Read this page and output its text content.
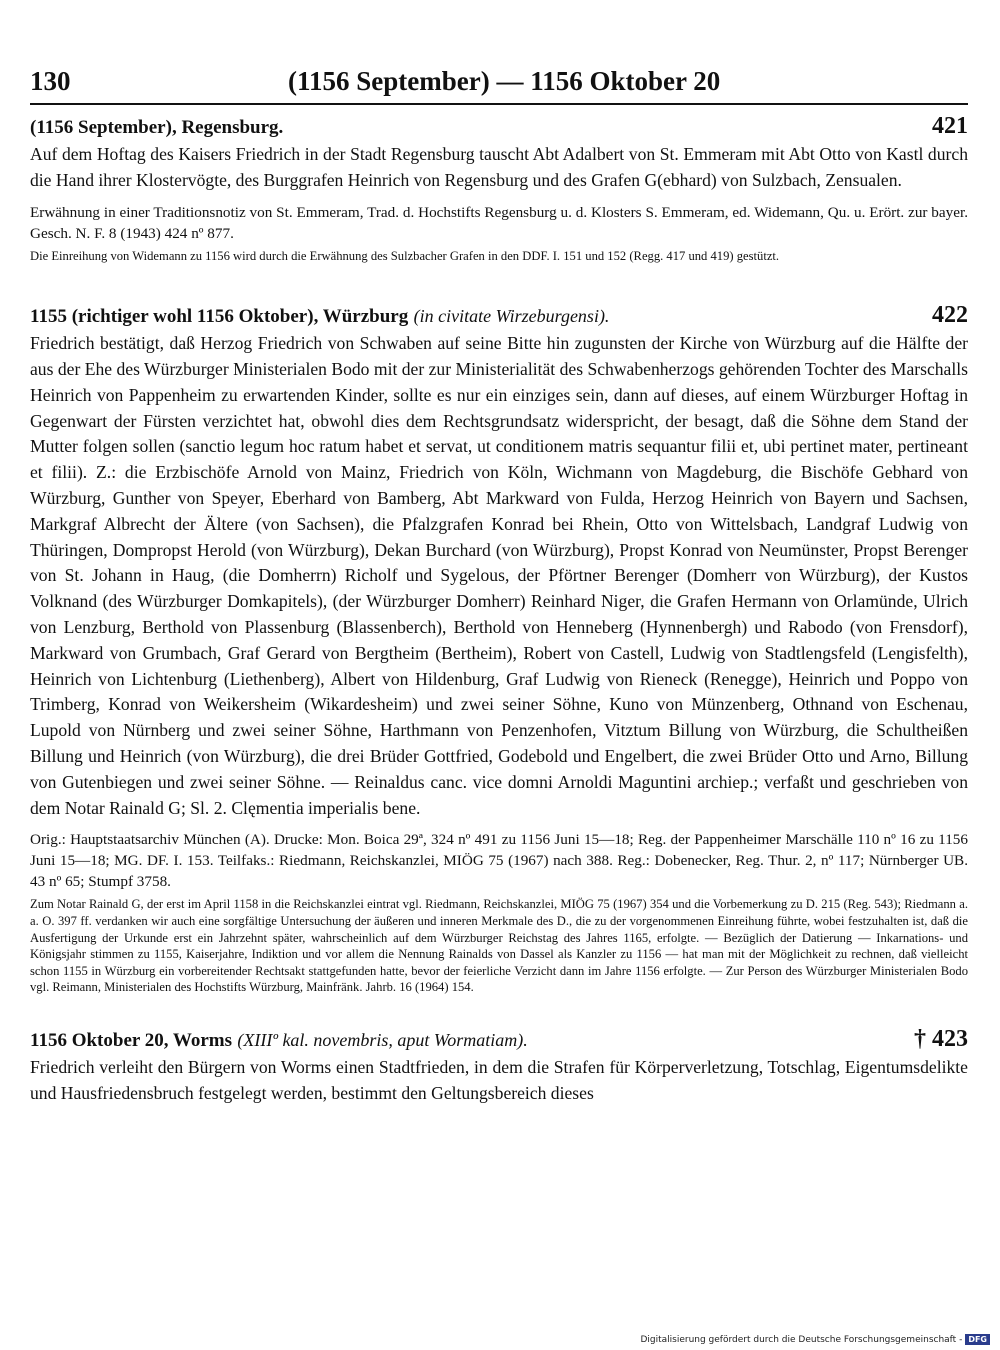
130	(1156 September) — 1156 Oktober 20
(1156 September), Regensburg.	421

Auf dem Hoftag des Kaisers Friedrich in der Stadt Regensburg tauscht Abt Adalbert von St. Emmeram mit Abt Otto von Kastl durch die Hand ihrer Klostervögte, des Burggrafen Heinrich von Regensburg und des Grafen G(ebhard) von Sulzbach, Zensualen.

Erwähnung in einer Traditionsnotiz von St. Emmeram, Trad. d. Hochstifts Regensburg u. d. Klosters S. Emmeram, ed. Widemann, Qu. u. Erört. zur bayer. Gesch. N. F. 8 (1943) 424 nº 877.

Die Einreihung von Widemann zu 1156 wird durch die Erwähnung des Sulzbacher Grafen in den DDF. I. 151 und 152 (Regg. 417 und 419) gestützt.

1155 (richtiger wohl 1156 Oktober), Würzburg (in civitate Wirzeburgensi).	422

Friedrich bestätigt, daß Herzog Friedrich von Schwaben auf seine Bitte hin zugunsten der Kirche von Würzburg auf die Hälfte der aus der Ehe des Würzburger Ministerialen Bodo mit der zur Ministerialität des Schwabenherzogs gehörenden Tochter des Marschalls Heinrich von Pappenheim zu erwartenden Kinder, sollte es nur ein einziges sein, dann auf dieses, auf einem Würzburger Hoftag in Gegenwart der Fürsten verzichtet hat, obwohl dies dem Rechtsgrundsatz widerspricht, der besagt, daß die Söhne dem Stand der Mutter folgen sollen (sanctio legum hoc ratum habet et servat, ut conditionem matris sequantur filii et, ubi pertinet mater, pertineant et filii). Z.: die Erzbischöfe Arnold von Mainz, Friedrich von Köln, Wichmann von Magdeburg, die Bischöfe Gebhard von Würzburg, Gunther von Speyer, Eberhard von Bamberg, Abt Markward von Fulda, Herzog Heinrich von Bayern und Sachsen, Markgraf Albrecht der Ältere (von Sachsen), die Pfalzgrafen Konrad bei Rhein, Otto von Wittelsbach, Landgraf Ludwig von Thüringen, Dompropst Herold (von Würzburg), Dekan Burchard (von Würzburg), Propst Konrad von Neumünster, Propst Berenger von St. Johann in Haug, (die Domherrn) Richolf und Sygelous, der Pförtner Berenger (Domherr von Würzburg), der Kustos Volknand (des Würzburger Domkapitels), (der Würzburger Domherr) Reinhard Niger, die Grafen Hermann von Orlamünde, Ulrich von Lenzburg, Berthold von Plassenburg (Blassenberch), Berthold von Henneberg (Hynnenbergh) und Rabodo (von Frensdorf), Markward von Grumbach, Graf Gerard von Bergtheim (Bertheim), Robert von Castell, Ludwig von Stadtlengsfeld (Lengisfelth), Heinrich von Lichtenburg (Liethenberg), Albert von Hildenburg, Graf Ludwig von Rieneck (Renegge), Heinrich und Poppo von Trimberg, Konrad von Weikersheim (Wikardesheim) und zwei seiner Söhne, Kuno von Münzenberg, Othnand von Eschenau, Lupold von Nürnberg und zwei seiner Söhne, Harthmann von Penzenhofen, Vitztum Billung von Würzburg, die Schultheißen Billung und Heinrich (von Würzburg), die drei Brüder Gottfried, Godebold und Engelbert, die zwei Brüder Otto und Arno, Billung von Gutenbiegen und zwei seiner Söhne. — Reinaldus canc. vice domni Arnoldi Maguntini archiep.; verfaßt und geschrieben von dem Notar Rainald G; Sl. 2. Clęmentia imperialis bene.

Orig.: Hauptstaatsarchiv München (A). Drucke: Mon. Boica 29ª, 324 nº 491 zu 1156 Juni 15—18; Reg. der Pappenheimer Marschälle 110 nº 16 zu 1156 Juni 15—18; MG. DF. I. 153. Teilfaks.: Riedmann, Reichskanzlei, MIÖG 75 (1967) nach 388. Reg.: Dobenecker, Reg. Thur. 2, nº 117; Nürnberger UB. 43 nº 65; Stumpf 3758.

Zum Notar Rainald G, der erst im April 1158 in die Reichskanzlei eintrat vgl. Riedmann, Reichskanzlei, MIÖG 75 (1967) 354 und die Vorbemerkung zu D. 215 (Reg. 543); Riedmann a. a. O. 397 ff. verdanken wir auch eine sorgfältige Untersuchung der äußeren und inneren Merkmale des D., die zu der vorgenommenen Einreihung führte, wobei festzuhalten ist, daß die Ausfertigung der Urkunde erst ein Jahrzehnt später, wahrscheinlich auf dem Würzburger Reichstag des Jahres 1165, erfolgte. — Bezüglich der Datierung — Inkarnations- und Königsjahr stimmen zu 1155, Kaiserjahre, Indiktion und vor allem die Nennung Rainalds von Dassel als Kanzler zu 1156 — hat man mit der Möglichkeit zu rechnen, daß vielleicht schon 1155 in Würzburg ein vorbereitender Rechtsakt stattgefunden hatte, bevor der feierliche Verzicht dann im Jahre 1156 erfolgte. — Zur Person des Würzburger Ministerialen Bodo vgl. Reimann, Ministerialen des Hochstifts Würzburg, Mainfränk. Jahrb. 16 (1964) 154.

1156 Oktober 20, Worms (XIIIº kal. novembris, aput Wormatiam).	† 423

Friedrich verleiht den Bürgern von Worms einen Stadtfrieden, in dem die Strafen für Körperverletzung, Totschlag, Eigentumsdelikte und Hausfriedensbruch festgelegt werden, bestimmt den Geltungsbereich dieses

Digitalisierung gefördert durch die Deutsche Forschungsgemeinschaft - DFG
